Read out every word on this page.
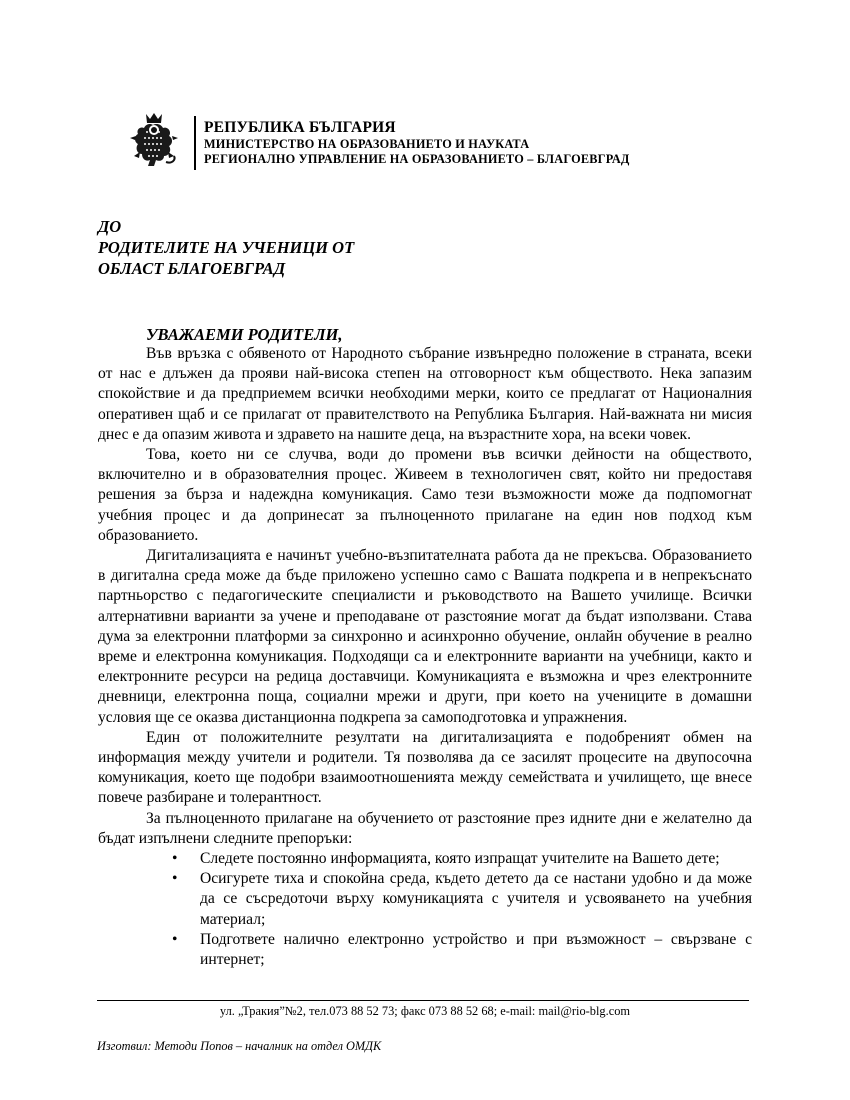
РЕПУБЛИКА БЪЛГАРИЯ
МИНИСТЕРСТВО НА ОБРАЗОВАНИЕТО И НАУКАТА
РЕГИОНАЛНО УПРАВЛЕНИЕ НА ОБРАЗОВАНИЕТО – БЛАГОЕВГРАД
ДО
РОДИТЕЛИТЕ НА УЧЕНИЦИ ОТ
ОБЛАСТ БЛАГОЕВГРАД
УВАЖАЕМИ РОДИТЕЛИ,

Във връзка с обявеното от Народното събрание извънредно положение в страната, всеки от нас е длъжен да прояви най-висока степен на отговорност към обществото. Нека запазим спокойствие и да предприемем всички необходими мерки, които се предлагат от Националния оперативен щаб и се прилагат от правителството на Република България. Най-важната ни мисия днес е да опазим живота и здравето на нашите деца, на възрастните хора, на всеки човек.

Това, което ни се случва, води до промени във всички дейности на обществото, включително и в образователния процес. Живеем в технологичен свят, който ни предоставя решения за бърза и надеждна комуникация. Само тези възможности може да подпомогнат учебния процес и да допринесат за пълноценното прилагане на един нов подход към образованието.

Дигитализацията е начинът учебно-възпитателната работа да не прекъсва. Образованието в дигитална среда може да бъде приложено успешно само с Вашата подкрепа и в непрекъснато партньорство с педагогическите специалисти и ръководството на Вашето училище. Всички алтернативни варианти за учене и преподаване от разстояние могат да бъдат използвани. Става дума за електронни платформи за синхронно и асинхронно обучение, онлайн обучение в реално време и електронна комуникация. Подходящи са и електронните варианти на учебници, както и електронните ресурси на редица доставчици. Комуникацията е възможна и чрез електронните дневници, електронна поща, социални мрежи и други, при което на учениците в домашни условия ще се оказва дистанционна подкрепа за самоподготовка и упражнения.

Един от положителните резултати на дигитализацията е подобреният обмен на информация между учители и родители. Тя позволява да се засилят процесите на двупосочна комуникация, което ще подобри взаимоотношенията между семействата и училището, ще внесе повече разбиране и толерантност.

За пълноценното прилагане на обучението от разстояние през идните дни е желателно да бъдат изпълнени следните препоръки:

• Следете постоянно информацията, която изпращат учителите на Вашето дете;
• Осигурете тиха и спокойна среда, където детето да се настани удобно и да може да се съсредоточи върху комуникацията с учителя и усвояването на учебния материал;
• Подгответе налично електронно устройство и при възможност – свързване с интернет;
ул. „Тракия”№2, тел.073 88 52 73; факс 073 88 52 68; e-mail: mail@rio-blg.com
Изготвил: Методи Попов – началник на отдел ОМДК
